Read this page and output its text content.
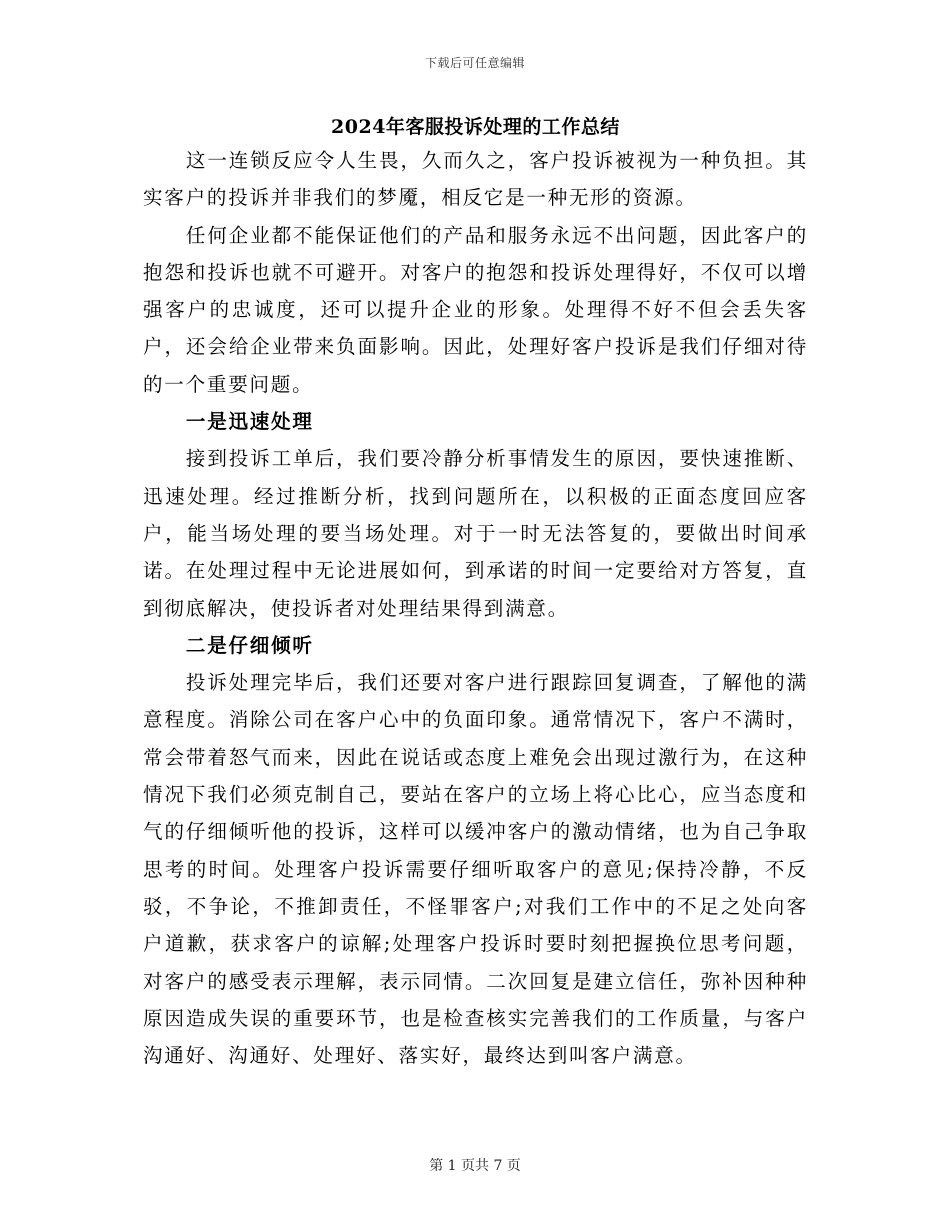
下载后可任意编辑
2024年客服投诉处理的工作总结

这一连锁反应令人生畏，久而久之，客户投诉被视为一种负担。其实客户的投诉并非我们的梦魇，相反它是一种无形的资源。

任何企业都不能保证他们的产品和服务永远不出问题，因此客户的抱怨和投诉也就不可避开。对客户的抱怨和投诉处理得好，不仅可以增强客户的忠诚度，还可以提升企业的形象。处理得不好不但会丢失客户，还会给企业带来负面影响。因此，处理好客户投诉是我们仔细对待的一个重要问题。

一是迅速处理

接到投诉工单后，我们要冷静分析事情发生的原因，要快速推断、迅速处理。经过推断分析，找到问题所在，以积极的正面态度回应客户，能当场处理的要当场处理。对于一时无法答复的，要做出时间承诺。在处理过程中无论进展如何，到承诺的时间一定要给对方答复，直到彻底解决，使投诉者对处理结果得到满意。

二是仔细倾听

投诉处理完毕后，我们还要对客户进行跟踪回复调查，了解他的满意程度。消除公司在客户心中的负面印象。通常情况下，客户不满时，常会带着怒气而来，因此在说话或态度上难免会出现过激行为，在这种情况下我们必须克制自己，要站在客户的立场上将心比心，应当态度和气的仔细倾听他的投诉，这样可以缓冲客户的激动情绪，也为自己争取思考的时间。处理客户投诉需要仔细听取客户的意见;保持冷静，不反驳，不争论，不推卸责任，不怪罪客户;对我们工作中的不足之处向客户道歉，获求客户的谅解;处理客户投诉时要时刻把握换位思考问题，对客户的感受表示理解，表示同情。二次回复是建立信任，弥补因种种原因造成失误的重要环节，也是检查核实完善我们的工作质量，与客户沟通好、沟通好、处理好、落实好，最终达到叫客户满意。

第 1 页共 7 页
